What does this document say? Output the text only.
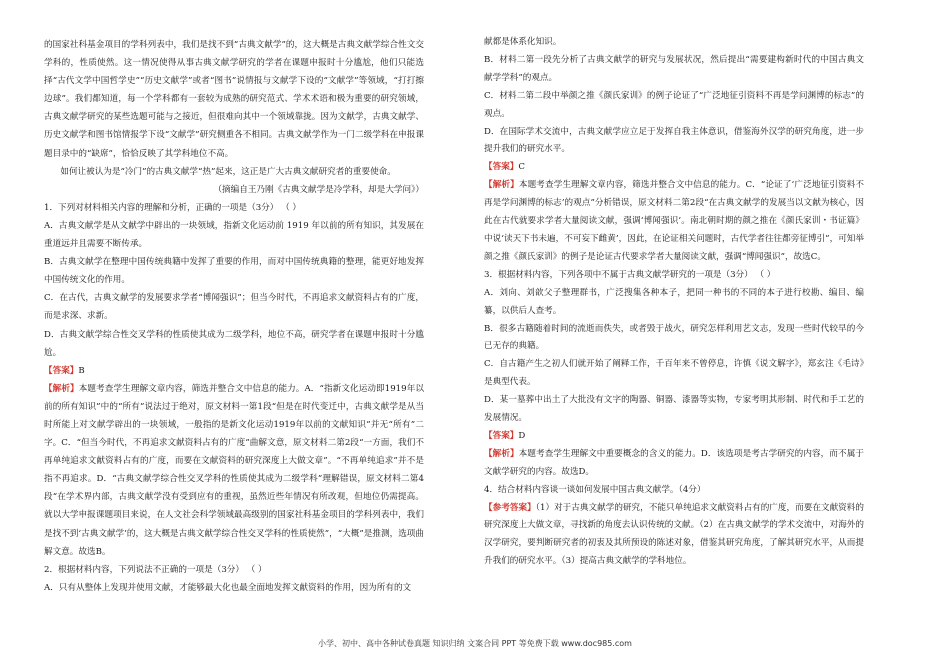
的国家社科基金项目的学科列表中，我们是找不到“古典文献学”的，这大概是古典文献学综合性文交学科的，性质使然。这一情况使得从事古典文献学研究的学者在课题申报时十分尴尬，他们只能选择“古代文学中国哲学史”“历史文献学”或者“图书”说情报与文献学下设的“文献学”等领域，“打打擦边球”。我们都知道，每一个学科都有一套较为成熟的研究范式、学术术语和极为重要的研究领域，古典文献学研究的某些选题可能与之接近，但很难向其中一个领域靠拢。因为文献学，古典文献学、历史文献学和图书馆情报学下设“文献学”研究侧重各不相同。古典文献学作为一门二级学科在申报课题目录中的“缺席”，恰恰反映了其学科地位不高。

如何让被认为是“冷门”的古典文献学“热”起来，这正是广大古典文献研究者的重要使命。

（摘编自王乃刚《古典文献学是冷学科，却是大学问》）

1．下列对材料相关内容的理解和分析，正确的一项是（3分） （ ）

A．古典文献学是从文献学中辟出的一块领域，指新文化运动前 1919 年以前的所有知识，其发展在重道远并且需要不断传承。

B．古典文献学在整理中国传统典籍中发挥了重要的作用，而对中国传统典籍的整理，能更好地发挥中国传统文化的作用。

C．在古代，古典文献学的发展要求学者“博闻强识”；但当今时代，不再追求文献资料占有的广度，而是求深、求新。

D．古典文献学综合性交叉学科的性质使其成为二级学科，地位不高，研究学者在课题申报时十分尴尬。

【答案】B

【解析】本题考查学生理解文章内容，筛选并整合文中信息的能力。A．“指新文化运动即1919年以前的所有知识”中的“所有”说法过于绝对，原文材料一第1段“但是在时代变迁中，古典文献学是从当时所能上对文献学辟出的一块领域，一般指的是新文化运动1919年以前的文献知识”并无“所有”二字。C．“但当今时代，不再追求文献资料占有的广度”曲解文意，原文材料二第2段“一方面，我们不再单纯追求文献资料占有的广度，而要在文献资料的研究深度上大做文章”。“不再单纯追求”并不是指不再追求。D．“古典文献学综合性交叉学科的性质使其成为二级学科”理解错误，原文材料二第4段“在学术界内部，古典文献学没有受到应有的重视，虽然近些年情况有所改观，但地位仍需提高。就以大学申报课题项目来说，在人文社会科学领域最高级别的国家社科基金项目的学科列表中，我们是找不到‘古典文献学’的，这大概是古典文献学综合性交叉学科的性质使然”，“大概”是推测，选项曲解文意。故选B。

2．根据材料内容，下列说法不正确的一项是（3分） （ ）

A．只有从整体上发现并使用文献，才能够最大化也最全面地发挥文献资料的作用，因为所有的文

献都是体系化知识。

B．材料二第一段先分析了古典文献学的研究与发展状况，然后提出“需要建构新时代的中国古典文献学学科”的观点。

C．材料二第二段中举颜之推《颜氏家训》的例子论证了“广泛地征引资料不再是学问渊博的标志”的观点。

D．在国际学术交流中，古典文献学应立足于发挥自我主体意识，借鉴海外汉学的研究角度，进一步提升我们的研究水平。

【答案】C

【解析】本题考查学生理解文章内容，筛选并整合文中信息的能力。C．“论证了‘广泛地征引资料不再是学问渊博的标志’的观点”分析错误，原文材料二第2段“在古典文献学的发展当以文献为核心，因此在古代就要求学者大量阅读文献，强调‘博闻强识’。南北朝时期的颜之推在《颜氏家训・书证篇》中说‘读天下书未遍，不可妄下雌黄’，因此，在论证相关问题时，古代学者往往都旁征博引”，可知举颜之推《颜氏家训》的例子是论证古代要求学者大量阅读文献，强调“博闻强识”，故选C。

3．根据材料内容，下列各项中不属于古典文献学研究的一项是（3分） （ ）

A．刘向、刘歆父子整理群书，广泛搜集各种本子，把同一种书的不同的本子进行校勘、编目、编纂，以供后人查考。

B．很多古籍随着时间的流逝而佚失，或者毁于战火，研究怎样利用艺文志，发现一些时代较早的今已无存的典籍。

C．自古籍产生之初人们就开始了阐释工作，千百年来不曾停息，许慎《说文解字》，郑玄注《毛诗》是典型代表。

D．某一墓葬中出土了大批没有文字的陶器、铜器、漆器等实物，专家考明其形制、时代和手工艺的发展情况。

【答案】D

【解析】本题考查学生理解文中重要概念的含义的能力。D．该选项是考古学研究的内容，而不属于文献学研究的内容。故选D。

4．结合材料内容谈一谈如何发展中国古典文献学。（4分）

【参考答案】（1）对于古典文献学的研究，不能只单纯追求文献资料占有的广度，而要在文献资料的研究深度上大做文章，寻找新的角度去认识传统的文献。（2）在古典文献学的学术交流中，对海外的汉学研究，要判断研究者的初衷及其所预设的陈述对象，借鉴其研究角度，了解其研究水平，从而提升我们的研究水平。（3）提高古典文献学的学科地位。

小学、初中、高中各种试卷真题 知识归纳 文案合同 PPT 等免费下载 www.doc985.com
